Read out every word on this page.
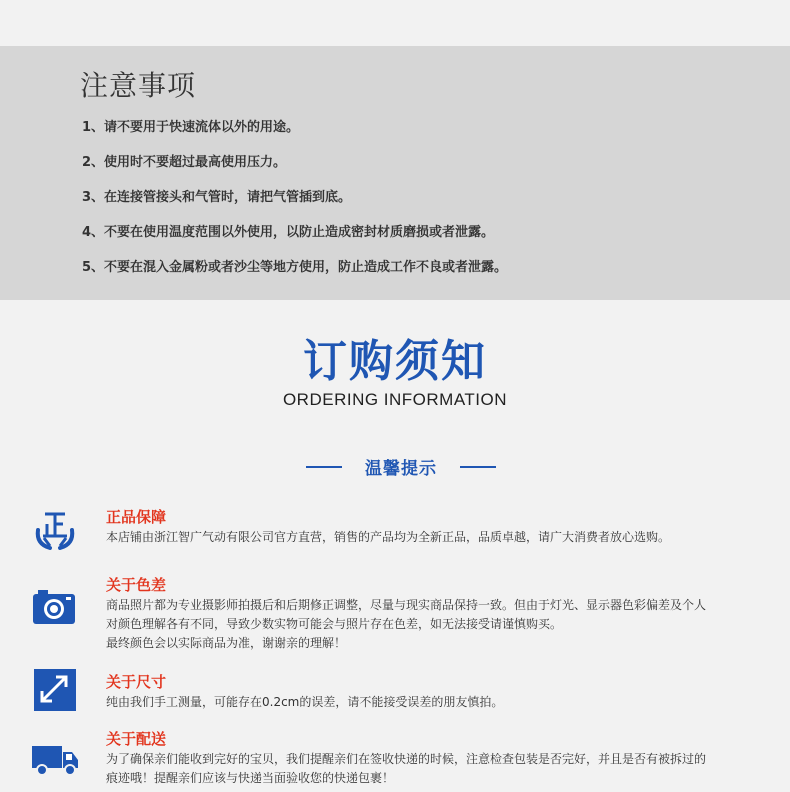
注意事项
1、请不要用于快速流体以外的用途。
2、使用时不要超过最高使用压力。
3、在连接管接头和气管时，请把气管插到底。
4、不要在使用温度范围以外使用，以防止造成密封材质磨损或者泄露。
5、不要在混入金属粉或者沙尘等地方使用，防止造成工作不良或者泄露。
订购须知
ORDERING INFORMATION
温馨提示
正品保障

本店铺由浙江智广气动有限公司官方直营，销售的产品均为全新正品，品质卓越，请广大消费者放心选购。

关于色差

商品照片都为专业摄影师拍摄后和后期修正调整，尽量与现实商品保持一致。但由于灯光、显示器色彩偏差及个人

对颜色理解各有不同，导致少数实物可能会与照片存在色差，如无法接受请谨慎购买。

最终颜色会以实际商品为准，谢谢亲的理解！

关于尺寸

纯由我们手工测量，可能存在0.2cm的误差，请不能接受误差的朋友慎拍。

关于配送

为了确保亲们能收到完好的宝贝，我们提醒亲们在签收快递的时候，注意检查包装是否完好，并且是否有被拆过的

痕迹哦！提醒亲们应该与快递当面验收您的快递包裹！
